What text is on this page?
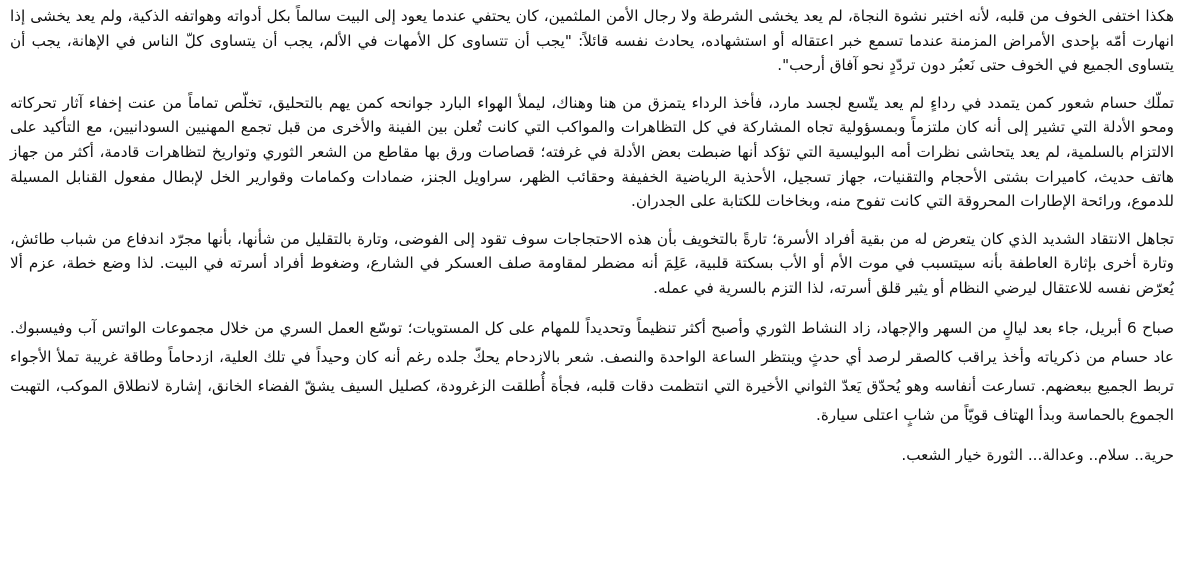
هكذا اختفى الخوف من قلبه، لأنه اختبر نشوة النجاة، لم يعد يخشى الشرطة ولا رجال الأمن الملثمين، كان يحتفي عندما يعود إلى البيت سالماً بكل أدواته وهواتفه الذكية، ولم يعد يخشى إذا انهارت أمّه بإحدى الأمراض المزمنة عندما تسمع خبر اعتقاله أو استشهاده، يحادث نفسه قائلاً: "يجب أن تتساوى كل الأمهات في الألم، يجب أن يتساوى كلّ الناس في الإهانة، يجب أن يتساوى الجميع في الخوف حتى نَعبُر دون تردّدٍ نحو آفاق أرحب".

تملّك حسام شعور كمن يتمدد في رداءٍ لم يعد يتّسع لجسد مارد، فأخذ الرداء يتمزق من هنا وهناك، ليملأ الهواء البارد جوانحه كمن يهم بالتحليق، تخلّص تماماً من عنت إخفاء آثار تحركاته ومحو الأدلة التي تشير إلى أنه كان ملتزماً وبمسؤولية تجاه المشاركة في كل التظاهرات والمواكب التي كانت تُعلن بين الفينة والأخرى من قبل تجمع المهنيين السودانيين، مع التأكيد على الالتزام بالسلمية، لم يعد يتحاشى نظرات أمه البوليسية التي تؤكد أنها ضبطت بعض الأدلة في غرفته؛ قصاصات ورق بها مقاطع من الشعر الثوري وتواريخ لتظاهرات قادمة، أكثر من جهاز هاتف حديث، كاميرات بشتى الأحجام والتقنيات، جهاز تسجيل، الأحذية الرياضية الخفيفة وحقائب الظهر، سراويل الجنز، ضمادات وكمامات وقوارير الخل لإبطال مفعول القنابل المسيلة للدموع، ورائحة الإطارات المحروقة التي كانت تفوح منه، وبخاخات للكتابة على الجدران.

تجاهل الانتقاد الشديد الذي كان يتعرض له من بقية أفراد الأسرة؛ تارةً بالتخويف بأن هذه الاحتجاجات سوف تقود إلى الفوضى، وتارة بالتقليل من شأنها، بأنها مجرّد اندفاع من شباب طائش، وتارة أخرى بإثارة العاطفة بأنه سيتسبب في موت الأم أو الأب بسكتة قلبية، عَلِمَ أنه مضطر لمقاومة صلف العسكر في الشارع، وضغوط أفراد أسرته في البيت. لذا وضع خطة، عزم ألا يُعرّض نفسه للاعتقال ليرضي النظام أو يثير قلق أسرته، لذا التزم بالسرية في عمله.

صباح 6 أبريل، جاء بعد ليالٍ من السهر والإجهاد، زاد النشاط الثوري وأصبح أكثر تنظيماً وتحديداً للمهام على كل المستويات؛ توسّع العمل السري من خلال مجموعات الواتس آب وفيسبوك. عاد حسام من ذكرياته وأخذ يراقب كالصقر لرصد أي حدثٍ وينتظر الساعة الواحدة والنصف. شعر بالازدحام يحكّ جلده رغم أنه كان وحيداً في تلك العلية، ازدحاماً وطاقة غريبة تملأ الأجواء تربط الجميع ببعضهم. تسارعت أنفاسه وهو يُحدّق يَعدّ الثواني الأخيرة التي انتظمت دقات قلبه، فجأة أُطلقت الزغرودة، كصليل السيف يشقّ الفضاء الخانق، إشارة لانطلاق الموكب، التهبت الجموع بالحماسة وبدأ الهتاف قويّاً من شابٍ اعتلى سيارة.

حرية.. سلام.. وعدالة... الثورة خيار الشعب.
